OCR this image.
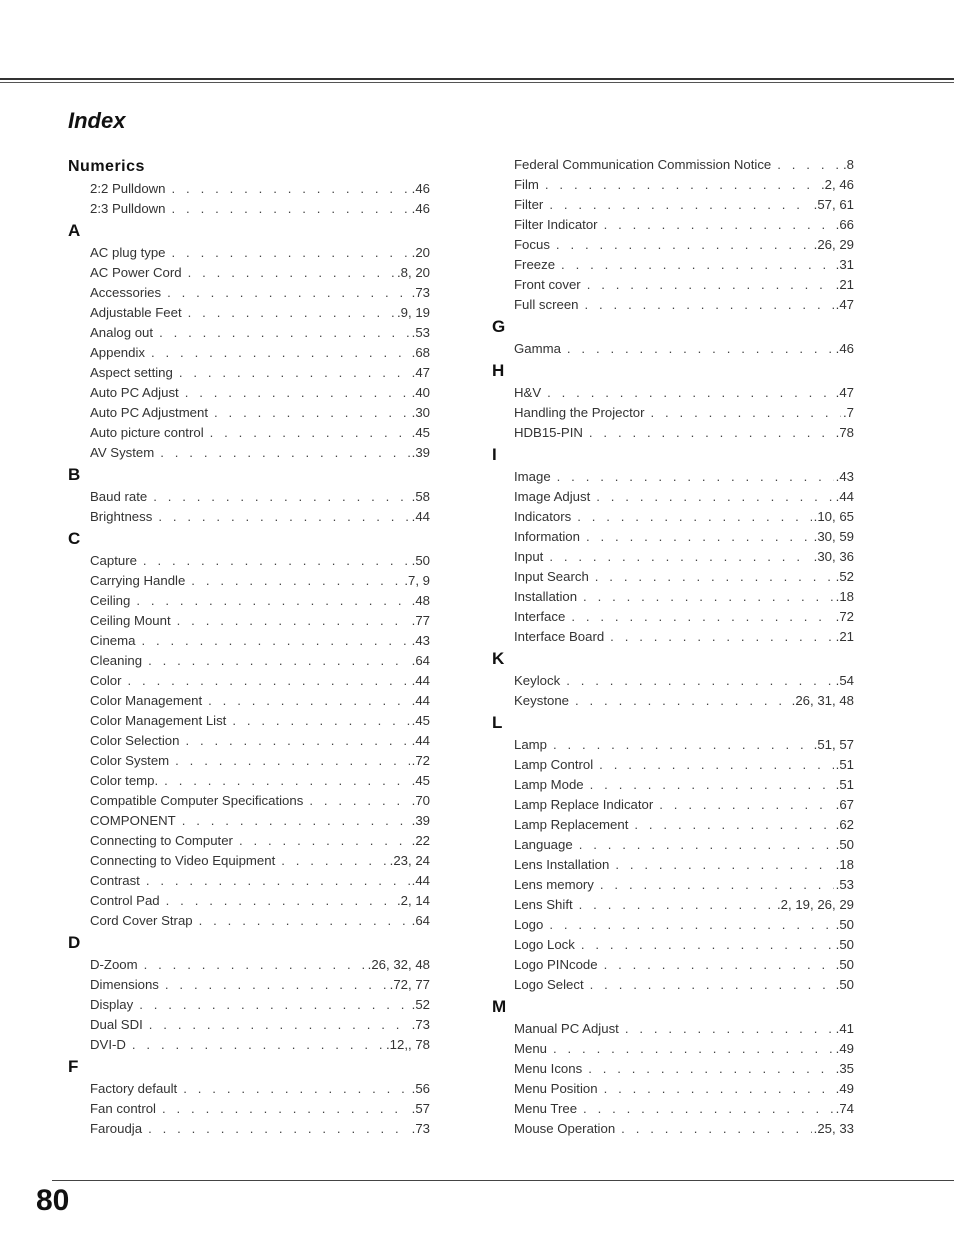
Index
Numerics
2:2 Pulldown . . .	.46
2:3 Pulldown . . .	.46
A
AC plug type . . .	.20
AC Power Cord . . .	.8, 20
Accessories . . .	.73
Adjustable Feet . . .	.9, 19
Analog out . . .	.53
Appendix . . .	.68
Aspect setting . . .	.47
Auto PC Adjust . . .	.40
Auto PC Adjustment . . .	.30
Auto picture control . . .	.45
AV System . . .	.39
B
Baud rate . . .	.58
Brightness . . .	.44
C
Capture . . .	.50
Carrying Handle . . .	.7, 9
Ceiling . . .	.48
Ceiling Mount . . .	.77
Cinema . . .	.43
Cleaning . . .	.64
Color . . .	.44
Color Management . . .	.44
Color Management List . . .	.45
Color Selection . . .	.44
Color System . . .	.72
Color temp. . . .	.45
Compatible Computer Specifications . . .	.70
COMPONENT . . .	.39
Connecting to Computer . . .	.22
Connecting to Video Equipment . . .	.23, 24
Contrast . . .	.44
Control Pad . . .	.2, 14
Cord Cover Strap . . .	.64
D
D-Zoom . . .	.26, 32, 48
Dimensions . . .	.72, 77
Display . . .	.52
Dual SDI . . .	.73
DVI-D . . .	.12,, 78
F
Factory default . . .	.56
Fan control . . .	.57
Faroudja . . .	.73
Federal Communication Commission Notice . . .	.8
Film . . .	.2, 46
Filter . . .	.57, 61
Filter Indicator . . .	.66
Focus . . .	.26, 29
Freeze . . .	.31
Front cover . . .	.21
Full screen . . .	.47
G
Gamma . . .	.46
H
H&V . . .	.47
Handling the Projector . . .	.7
HDB15-PIN . . .	.78
I
Image . . .	.43
Image Adjust . . .	.44
Indicators . . .	.10, 65
Information . . .	.30, 59
Input . . .	.30, 36
Input Search . . .	.52
Installation . . .	.18
Interface . . .	.72
Interface Board . . .	.21
K
Keylock . . .	.54
Keystone . . .	.26, 31, 48
L
Lamp . . .	.51, 57
Lamp Control . . .	.51
Lamp Mode . . .	.51
Lamp Replace Indicator . . .	.67
Lamp Replacement . . .	.62
Language . . .	.50
Lens Installation . . .	.18
Lens memory . . .	.53
Lens Shift . . .	.2, 19, 26, 29
Logo . . .	.50
Logo Lock . . .	.50
Logo PINcode . . .	.50
Logo Select . . .	.50
M
Manual PC Adjust . . .	.41
Menu . . .	.49
Menu Icons . . .	.35
Menu Position . . .	.49
Menu Tree . . .	.74
Mouse Operation . . .	.25, 33
80
